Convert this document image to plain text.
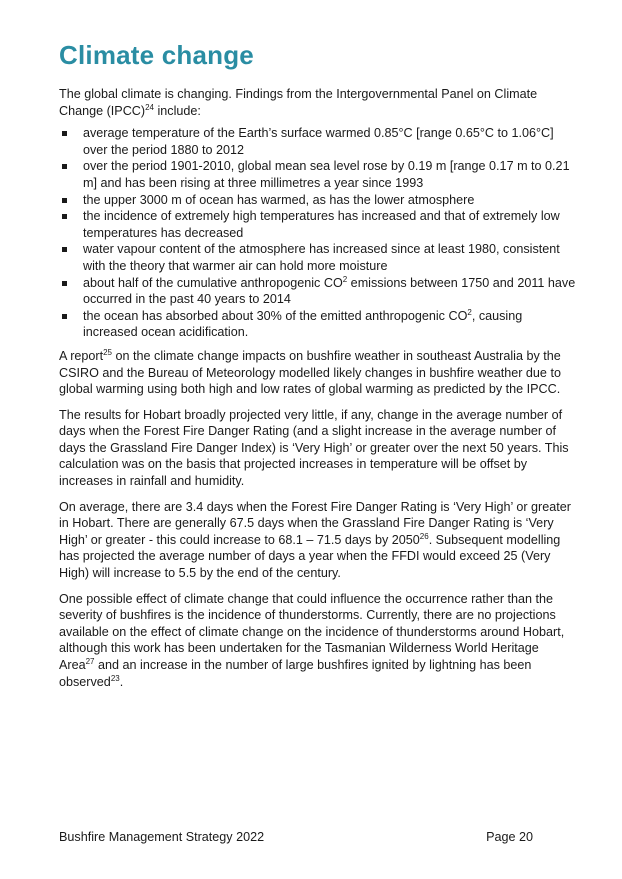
Climate change

The global climate is changing. Findings from the Intergovernmental Panel on Climate Change (IPCC)$^{24}$ include:

average temperature of the Earth’s surface warmed 0.85°C [range 0.65°C to 1.06°C] over the period 1880 to 2012
over the period 1901-2010, global mean sea level rose by 0.19 m [range 0.17 m to 0.21 m] and has been rising at three millimetres a year since 1993
the upper 3000 m of ocean has warmed, as has the lower atmosphere
the incidence of extremely high temperatures has increased and that of extremely low temperatures has decreased
water vapour content of the atmosphere has increased since at least 1980, consistent with the theory that warmer air can hold more moisture
about half of the cumulative anthropogenic $CO^2$ emissions between 1750 and 2011 have occurred in the past 40 years to 2014
the ocean has absorbed about 30% of the emitted anthropogenic $CO^2$, causing increased ocean acidification.

A report$^{25}$ on the climate change impacts on bushfire weather in southeast Australia by the CSIRO and the Bureau of Meteorology modelled likely changes in bushfire weather due to global warming using both high and low rates of global warming as predicted by the IPCC.

The results for Hobart broadly projected very little, if any, change in the average number of days when the Forest Fire Danger Rating (and a slight increase in the average number of days the Grassland Fire Danger Index) is ‘Very High’ or greater over the next 50 years. This calculation was on the basis that projected increases in temperature will be offset by increases in rainfall and humidity.

On average, there are 3.4 days when the Forest Fire Danger Rating is ‘Very High’ or greater in Hobart. There are generally 67.5 days when the Grassland Fire Danger Rating is ‘Very High’ or greater - this could increase to 68.1 – 71.5 days by 2050$^{26}$. Subsequent modelling has projected the average number of days a year when the FFDI would exceed 25 (Very High) will increase to 5.5 by the end of the century.

One possible effect of climate change that could influence the occurrence rather than the severity of bushfires is the incidence of thunderstorms. Currently, there are no projections available on the effect of climate change on the incidence of thunderstorms around Hobart, although this work has been undertaken for the Tasmanian Wilderness World Heritage Area$^{27}$ and an increase in the number of large bushfires ignited by lightning has been observed$^{23}$.

Bushfire Management Strategy 2022	Page 20
